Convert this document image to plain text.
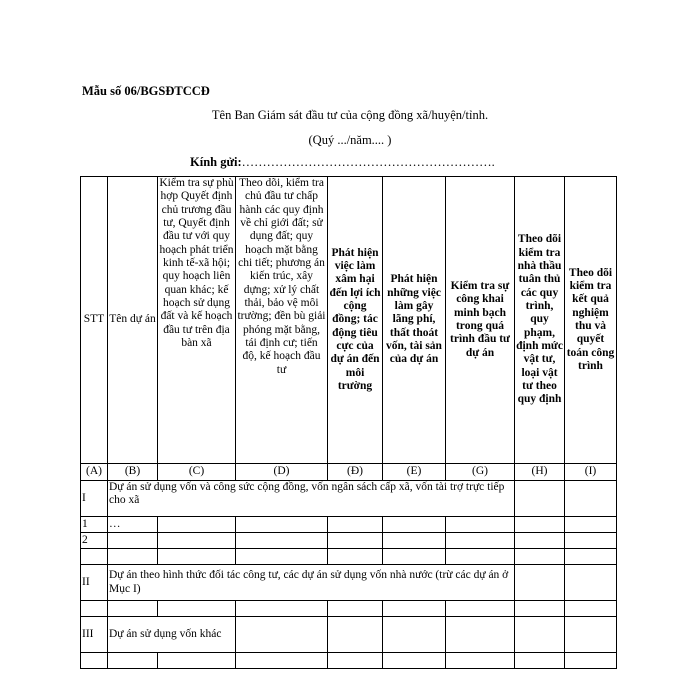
Mẫu số 06/BGSĐTCCĐ
Tên Ban Giám sát đầu tư của cộng đồng xã/huyện/tỉnh.
(Quý .../năm.... )
Kính gửi:…………………………………………………….
STT	Tên dự án	Kiểm tra sự phù hợp Quyết định chủ trương đầu tư, Quyết định đầu tư với quy hoạch phát triển kinh tế-xã hội; quy hoạch liên quan khác; kế hoạch sử dụng đất và kế hoạch đầu tư trên địa bàn xã	Theo dõi, kiểm tra chủ đầu tư chấp hành các quy định về chỉ giới đất; sử dụng đất; quy hoạch mặt bằng chi tiết; phương án kiến trúc, xây dựng; xử lý chất thải, bảo vệ môi trường; đền bù giải phóng mặt bằng, tái định cư; tiến độ, kế hoạch đầu tư	Phát hiện việc làm xâm hại đến lợi ích cộng đồng; tác động tiêu cực của dự án đến môi trường	Phát hiện những việc làm gây lãng phí, thất thoát vốn, tài sản của dự án	Kiểm tra sự công khai minh bạch trong quá trình đầu tư dự án	Theo dõi kiểm tra nhà thầu tuân thủ các quy trình, quy phạm, định mức vật tư, loại vật tư theo quy định	Theo dõi kiểm tra kết quả nghiệm thu và quyết toán công trình
(A)	(B)	(C)	(D)	(Đ)	(E)	(G)	(H)	(I)
I	Dự án sử dụng vốn và công sức cộng đồng, vốn ngân sách cấp xã, vốn tài trợ trực tiếp cho xã							
1	…							
2								

II	Dự án theo hình thức đối tác công tư, các dự án sử dụng vốn nhà nước (trừ các dự án ở Mục I)							

III	Dự án sử dụng vốn khác							
